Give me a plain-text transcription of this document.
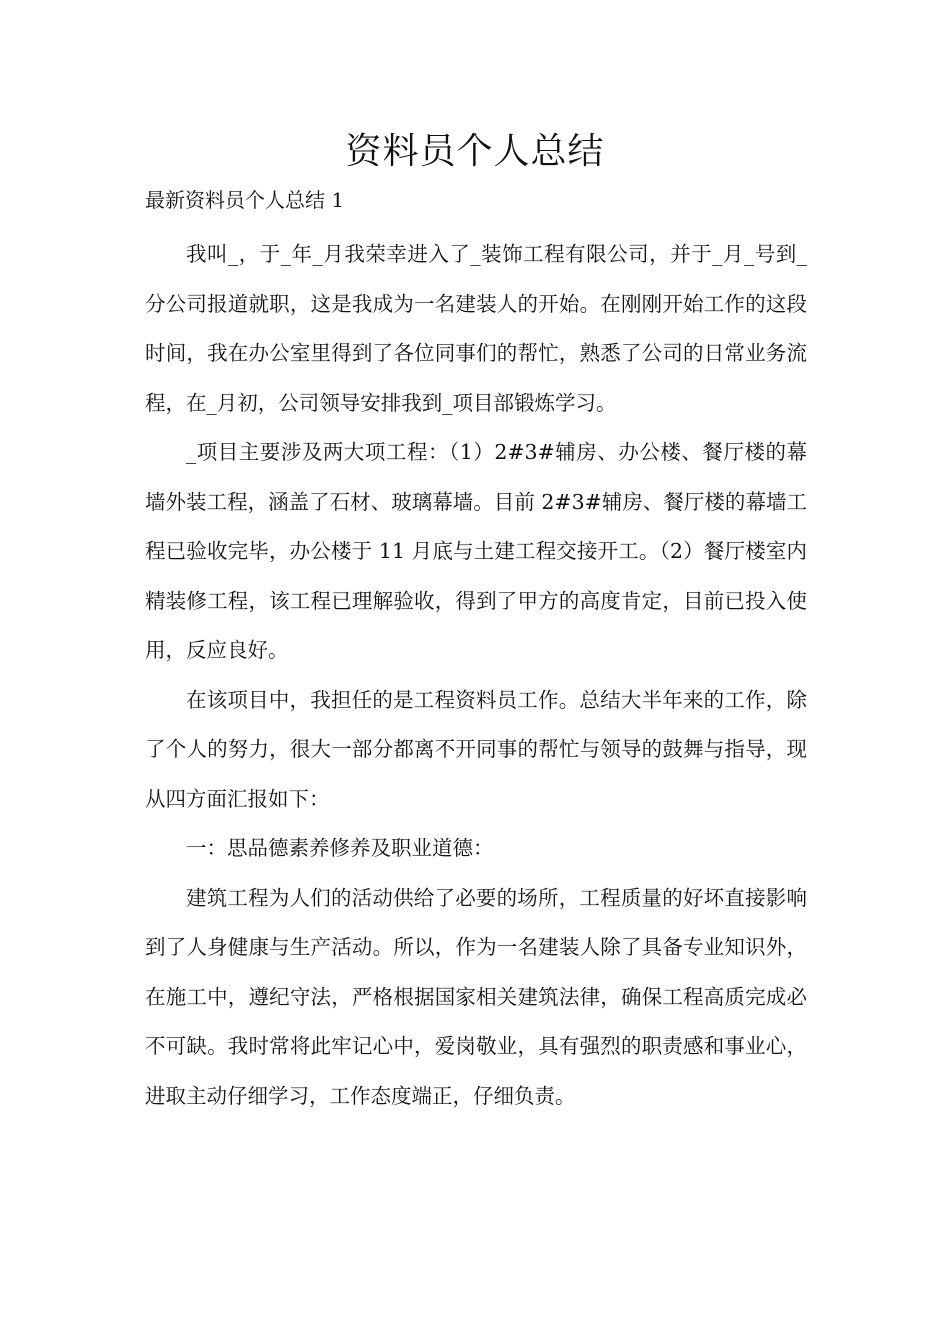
资料员个人总结

最新资料员个人总结 1

我叫_，于_年_月我荣幸进入了_装饰工程有限公司，并于_月_号到_分公司报道就职，这是我成为一名建装人的开始。在刚刚开始工作的这段时间，我在办公室里得到了各位同事们的帮忙，熟悉了公司的日常业务流程，在_月初，公司领导安排我到_项目部锻炼学习。

_项目主要涉及两大项工程：（1）2#3#辅房、办公楼、餐厅楼的幕墙外装工程，涵盖了石材、玻璃幕墙。目前 2#3#辅房、餐厅楼的幕墙工程已验收完毕，办公楼于 11 月底与土建工程交接开工。（2）餐厅楼室内精装修工程，该工程已理解验收，得到了甲方的高度肯定，目前已投入使用，反应良好。

在该项目中，我担任的是工程资料员工作。总结大半年来的工作，除了个人的努力，很大一部分都离不开同事的帮忙与领导的鼓舞与指导，现从四方面汇报如下：

一：思品德素养修养及职业道德：

建筑工程为人们的活动供给了必要的场所，工程质量的好坏直接影响到了人身健康与生产活动。所以，作为一名建装人除了具备专业知识外，在施工中，遵纪守法，严格根据国家相关建筑法律，确保工程高质完成必不可缺。我时常将此牢记心中，爱岗敬业，具有强烈的职责感和事业心，进取主动仔细学习，工作态度端正，仔细负责。
